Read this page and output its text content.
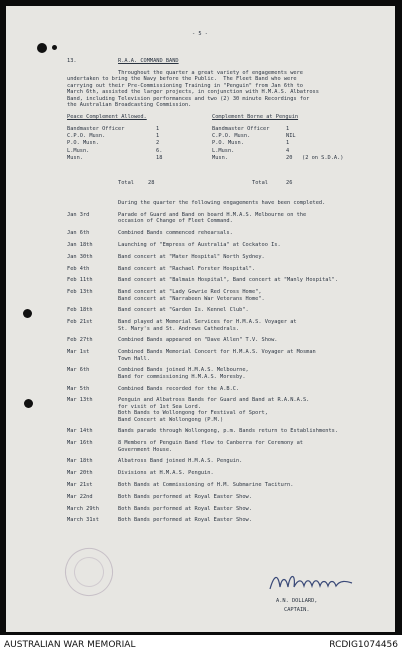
- 5 -
13.	R.A.A. COMMAND BAND
Throughout the quarter a great variety of engagements were
undertaken to bring the Navy before the Public.  The Fleet Band who were
carrying out their Pre-Commissioning Training in "Penguin" from Jan 6th to
March 6th, assisted the larger projects, in conjunction with H.M.A.S. Albatross
Band, including Television performances and two (2) 30 minute Recordings for
the Australian Broadcasting Commission.
Peace Complement Allowed.	Complement Borne at Penguin
Bandmaster Officer	1	Bandmaster Officer	1
C.P.O. Musn.	1	C.P.O. Musn.	NIL
P.O. Musn.	2	P.O. Musn.	1
L.Musn.	6.	L.Musn.	4
Musn.	18	Musn.	20 (2 on S.D.A.)
Total	28	Total	26
During the quarter the following engagements have been completed.
Jan 3rd	Parade of Guard and Band on board H.M.A.S. Melbourne on the
occasion of Change of Fleet Command.
Jan 6th	Combined Bands commenced rehearsals.
Jan 18th	Launching of "Empress of Australia" at Cockatoo Is.
Jan 30th	Band concert at "Mater Hospital" North Sydney.
Feb 4th	Band concert at "Rachael Forster Hospital".
Feb 11th	Band concert at "Balmain Hospital", Band concert at "Manly Hospital".
Feb 13th	Band concert at "Lady Gowrie Red Cross Home",
Band concert at "Narrabeen War Veterans Home".
Feb 18th	Band concert at "Garden Is. Kennel Club".
Feb 21st	Band played at Memorial Services for H.M.A.S. Voyager at
St. Mary's and St. Andrews Cathedrals.
Feb 27th	Combined Bands appeared on "Dave Allen" T.V. Show.
Mar 1st	Combined Bands Memorial Concert for H.M.A.S. Voyager at Mosman
Town Hall.
Mar 6th	Combined Bands joined H.M.A.S. Melbourne,
Band for commissioning H.M.A.S. Moresby.
Mar 5th	Combined Bands recorded for the A.B.C.
Mar 13th	Penguin and Albatross Bands for Guard and Band at R.A.N.A.S.
for visit of 1st Sea Lord.
Both Bands to Wollongong for Festival of Sport,
Band Concert at Wollongong (P.M.)
Mar 14th	Bands parade through Wollongong, p.m. Bands return to Establishments.
Mar 16th	8 Members of Penguin Band flew to Canberra for Ceremony at
Government House.
Mar 18th	Albatross Band joined H.M.A.S. Penguin.
Mar 20th	Divisions at H.M.A.S. Penguin.
Mar 21st	Both Bands at Commissioning of H.M. Submarine Taciturn.
Mar 22nd	Both Bands performed at Royal Easter Show.
March 29th	Both Bands performed at Royal Easter Show.
March 31st	Both Bands performed at Royal Easter Show.
A.N. DOLLARD,
CAPTAIN.
AUSTRALIAN WAR MEMORIAL	RCDIG1074456
